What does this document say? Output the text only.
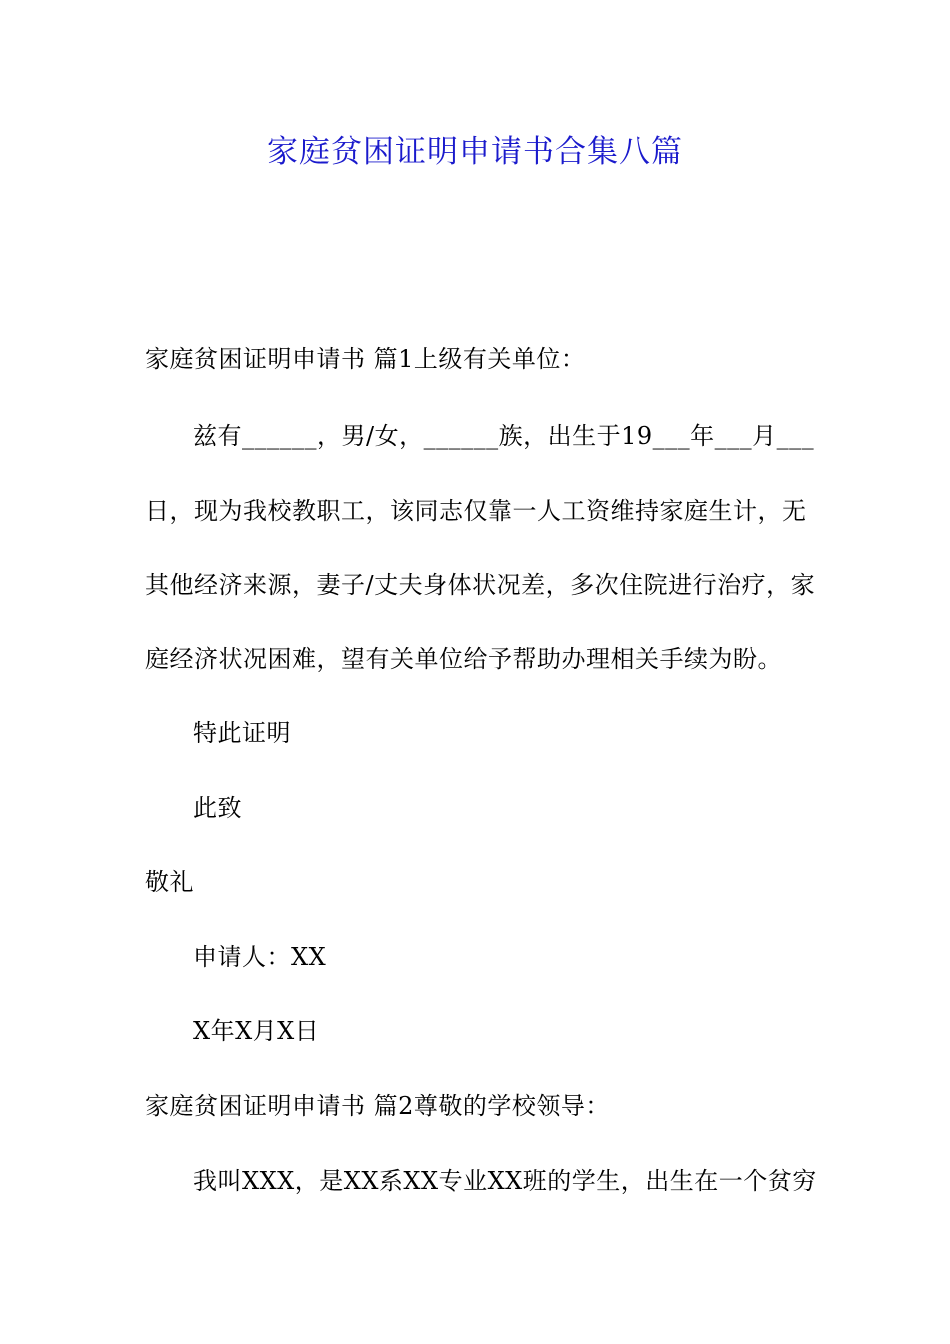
家庭贫困证明申请书合集八篇
家庭贫困证明申请书 篇1上级有关单位：
兹有______，男/女，______族，出生于19___年___月___
日，现为我校教职工，该同志仅靠一人工资维持家庭生计，无
其他经济来源，妻子/丈夫身体状况差，多次住院进行治疗，家
庭经济状况困难，望有关单位给予帮助办理相关手续为盼。
特此证明
此致
敬礼
申请人：XX
X年X月X日
家庭贫困证明申请书 篇2尊敬的学校领导：
我叫XXX，是XX系XX专业XX班的学生，出生在一个贫穷
